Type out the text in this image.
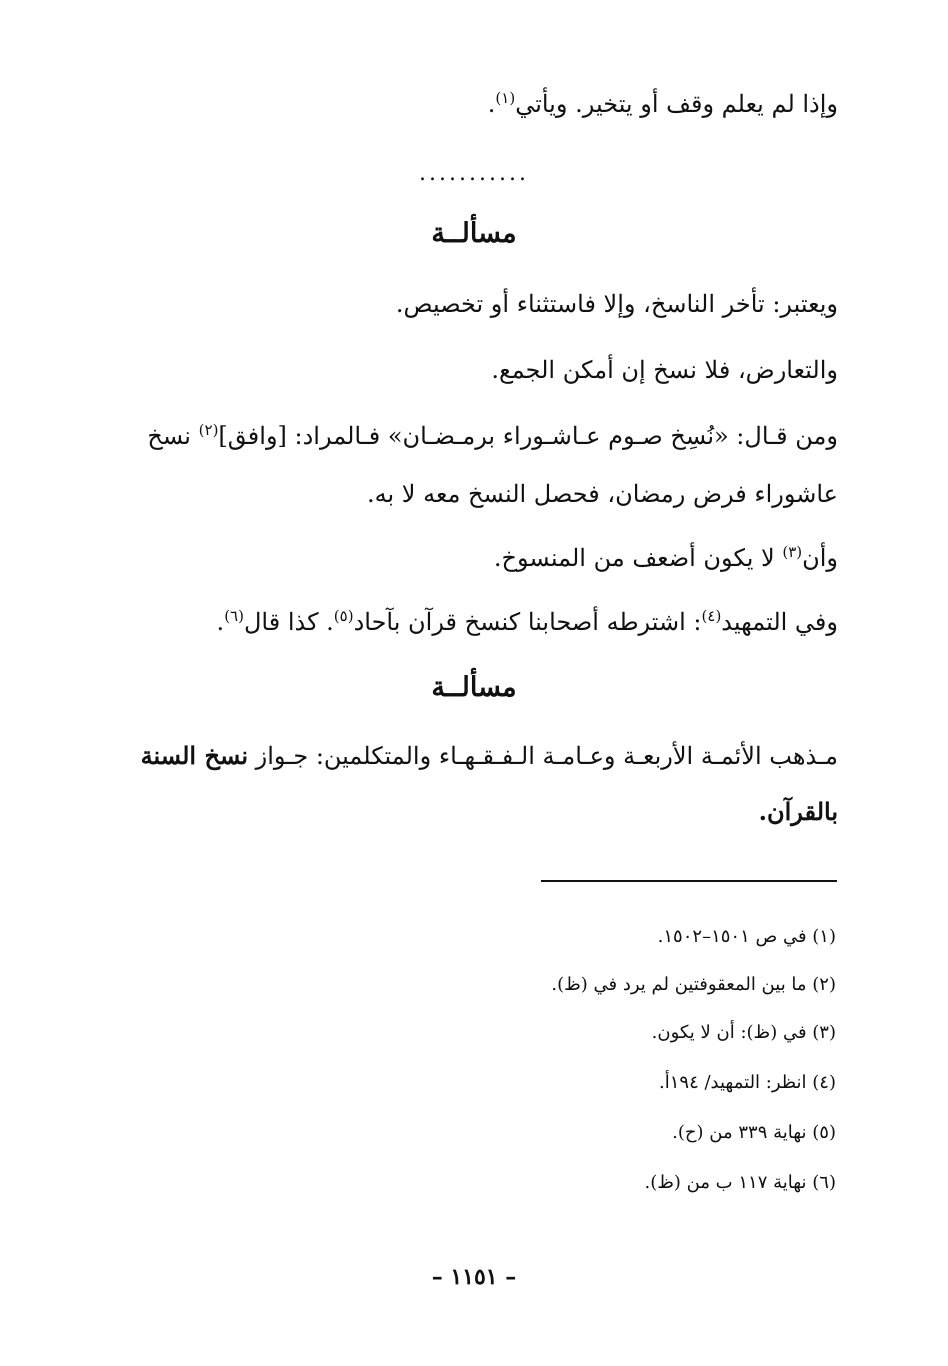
وإذا لم يعلم وقف أو يتخير. ويأتي$^{(١)}$.
...........
مسألــة
ويعتبر: تأخر الناسخ، وإلا فاستثناء أو تخصيص.
والتعارض، فلا نسخ إن أمكن الجمع.
ومن قـال: «نُسِخ صـوم عـاشـوراء برمـضـان» فـالمراد: [وافق]$^{(٢)}$ نسخ
عاشوراء فرض رمضان، فحصل النسخ معه لا به.
وأن$^{(٣)}$ لا يكون أضعف من المنسوخ.
وفي التمهيد$^{(٤)}$: اشترطه أصحابنا كنسخ قرآن بآحاد$^{(٥)}$. كذا قال$^{(٦)}$.
مسألــة
مـذهب الأئمـة الأربعـة وعـامـة الـفـقـهـاء والمتكلمين: جـواز نسخ السنة
بالقرآن.
(١) في ص ١٥٠١–١٥٠٢.
(٢) ما بين المعقوفتين لم يرد في (ظ).
(٣) في (ظ): أن لا يكون.
(٤) انظر: التمهيد/ ١٩٤أ.
(٥) نهاية ٣٣٩ من (ح).
(٦) نهاية ١١٧ ب من (ظ).
– ١١٥١ –
